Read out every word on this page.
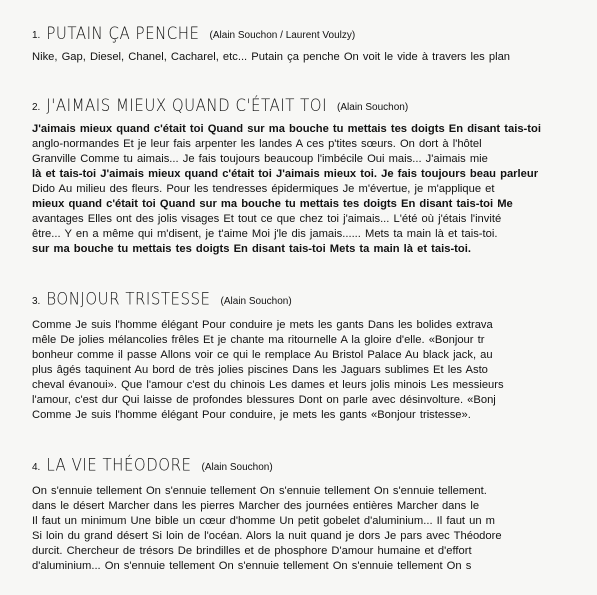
1. PUTAIN ÇA PENCHE (Alain Souchon / Laurent Voulzy)
Nike, Gap, Diesel, Chanel, Cacharel, etc... Putain ça penche On voit le vide à travers les plan
2. J'AIMAIS MIEUX QUAND C'ÉTAIT TOI (Alain Souchon)
J'aimais mieux quand c'était toi Quand sur ma bouche tu mettais tes doigts En disant tais-toi
anglo-normandes Et je leur fais arpenter les landes A ces p'tites sœurs. On dort à l'hôtel
Granville Comme tu aimais... Je fais toujours beaucoup l'imbécile Oui mais... J'aimais mie
là et tais-toi J'aimais mieux quand c'était toi J'aimais mieux toi. Je fais toujours beau parleur
Dido Au milieu des fleurs. Pour les tendresses épidermiques Je m'évertue, je m'applique et
mieux quand c'était toi Quand sur ma bouche tu mettais tes doigts En disant tais-toi Me
avantages Elles ont des jolis visages Et tout ce que chez toi j'aimais... L'été où j'étais l'invité
être... Y en a même qui m'disent, je t'aime Moi j'le dis jamais...... Mets ta main là et tais-toi.
sur ma bouche tu mettais tes doigts En disant tais-toi Mets ta main là et tais-toi.
3. BONJOUR TRISTESSE (Alain Souchon)
Comme Je suis l'homme élégant Pour conduire je mets les gants Dans les bolides extrava
mêle De jolies mélancolies frêles Et je chante ma ritournelle A la gloire d'elle. «Bonjour tr
bonheur comme il passe Allons voir ce qui le remplace Au Bristol Palace Au black jack, au
plus âgés taquinent Au bord de très jolies piscines Dans les Jaguars sublimes Et les Asto
cheval évanoui». Que l'amour c'est du chinois Les dames et leurs jolis minois Les messieurs
l'amour, c'est dur Qui laisse de profondes blessures Dont on parle avec désinvolture. «Bonj
Comme Je suis l'homme élégant Pour conduire, je mets les gants «Bonjour tristesse».
4. LA VIE THÉODORE (Alain Souchon)
On s'ennuie tellement On s'ennuie tellement On s'ennuie tellement On s'ennuie tellement.
dans le désert Marcher dans les pierres Marcher des journées entières Marcher dans le
Il faut un minimum Une bible un cœur d'homme Un petit gobelet d'aluminium... Il faut un m
Si loin du grand désert Si loin de l'océan. Alors la nuit quand je dors Je pars avec Théodore
durcit. Chercheur de trésors De brindilles et de phosphore D'amour humaine et d'effort
d'aluminium... On s'ennuie tellement On s'ennuie tellement On s'ennuie tellement On s
